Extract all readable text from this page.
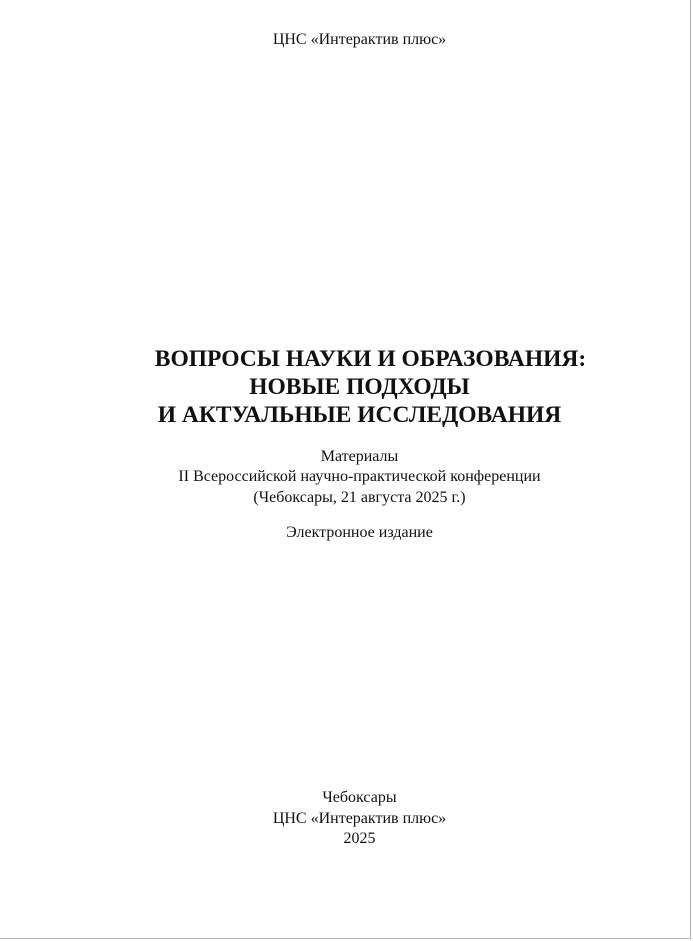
ЦНС «Интерактив плюс»
ВОПРОСЫ НАУКИ И ОБРАЗОВАНИЯ:
НОВЫЕ ПОДХОДЫ
И АКТУАЛЬНЫЕ ИССЛЕДОВАНИЯ
Материалы
II Всероссийской научно-практической конференции
(Чебоксары, 21 августа 2025 г.)
Электронное издание
Чебоксары
ЦНС «Интерактив плюс»
2025
